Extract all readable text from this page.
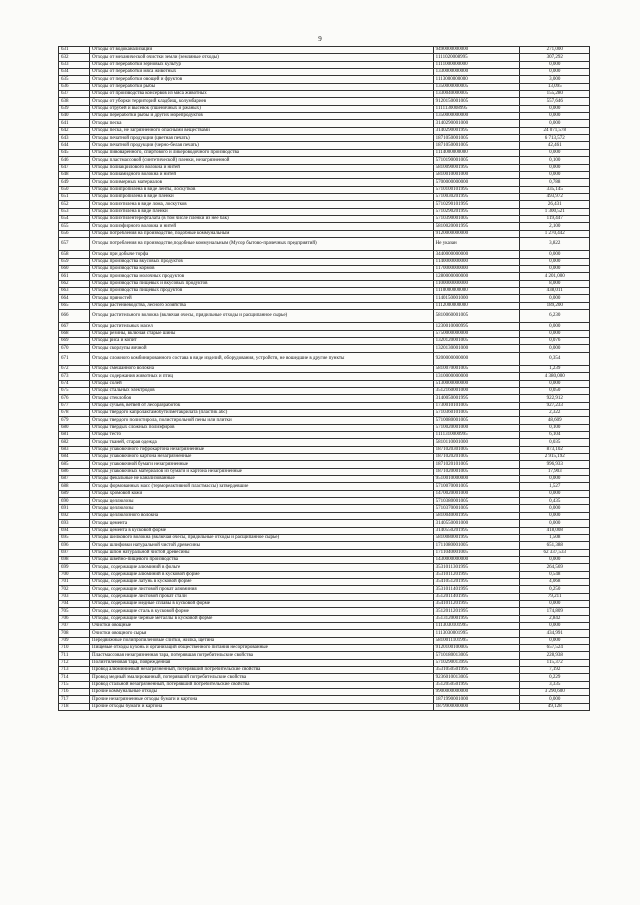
9
631	Отходы от водоканализации	9490000000000	271,000
632	Отходы от механической очистки земли (земляные отходы)	1111020008995	307,292
633	Отходы от переработки зерновых культур	1111000000000	0,000
634	Отходы от переработки мяса животных	1330000000000	0,000
635	Отходы от переработки овощей и фруктов	1113000000000	3,000
636	Отходы от переработки рыбы	1350000000005	13,095
637	Отходы от производства консервов из мяса животных	1330040000005	155,280
638	Отходы от уборки территорий кладбищ, колумбариев	9120150001005	557,646
639	Отходы отрубей и высевок (пшеничных и ржаных)	1111130008995	0,000
640	Отходы переработки рыбы и других морепродуктов	1350000000000	0,000
641	Отходы песка	3140290001000	0,000
642	Отходы песка, не загрязненного опасными веществами	3140290001995	24 071,578
643	Отходы печатной продукции (цветная печать)	1871050001005	6 713,572
644	Отходы печатной продукции (черно-белая печать)	1871050001005	42,461
645	Отходы пивоваренного, спиртового и ликероводочного производства	1114000000000	0,000
646	Отходы пластмассовой (синтетической) пленки, незагрязненной	5710190001005	0,100
647	Отходы полиакрилового волокна и нитей	5810090001995	0,000
648	Отходы полиамидного волокна и нитей	5810010001000	0,000
649	Отходы полимерных материалов	5700000000000	0,788
650	Отходы полипропилена в виде ленты, лоскутков	5710100101995	335,145
651	Отходы полипропилена в виде пленки	5710030201995	493,972
652	Отходы полиэтилена в виде лома, лоскутков	5710290101995	26,431
653	Отходы полиэтилена в виде пленки	5710290201995	1 300,521
654	Отходы полиэтилентерефталата (в том числе пленки из нее бак)	5710390001005	119,447
655	Отходы полиэфирного волокна и нитей	5810020001995	2,100
656	Отходы потребления на производстве, подобные коммунальным	9120000000000	1 270,442
657	Отходы потребления на производстве,подобные коммунальным (Мусор бытово-прачечных предприятий)	Не указан	3,822
658	Отходы при добыче торфа	3440000000000	0,000
659	Отходы производства вкусовых продуктов	1140000000000	0,000
660	Отходы производства кормов	1170000000000	0,000
661	Отходы производства молочных продуктов	1280000000000	4 201,000
662	Отходы производства пищевых и вкусовых продуктов	1100000000000	8,000
663	Отходы производства пищевых продуктов	1110000000000	438,011
664	Отходы пряностей	1140150001000	0,000
665	Отходы растениеводства, лесного хозяйства	1112000000000	189,200
666	Отходы растительного волокна (включая очесы, прядильные отходы и расщипанное сырье)	5810060001005	6,230
667	Отходы растительных масел	1230010000995	0,000
668	Отходы резины, включая старые шины	5750000000000	0,000
669	Отходы риса и копит	1320120001005	0,076
670	Отходы скорлупы яичной	1320130001000	0,000
671	Отходы сложного комбинированного состава в виде изделий, оборудования, устройств, не вошедшие в другие пункты	9200000000000	0,354
672	Отходы смешанного волокна	5810070001005	1,239
673	Отходы содержания животных и птиц	1310000000000	4 380,000
674	Отходы солей	5130000000000	0,000
675	Отходы стальных электродов	3512160001000	0,050
676	Отходы стеклобоя	3140050001995	922,912
677	Отходы сучьев, ветвей от лесоразработок	1730010101005	927,233
678	Отходы твердого капролактамобутилметакрилата (пластик абс)	5710360101005	2,322
679	Отходы твердого полистирола, полистирольной пены или плитки	5710080001005	48,609
680	Отходы твердых сложных полиэфиров	5710020001000	0,100
681	Отходы тесто	1111310000995	6,104
682	Отходы тканей, старая одежда	5810110001000	0,035
683	Отходы упаковочного гофрокартона незагрязненные	1871020301005	873,102
684	Отходы упаковочного картона незагрязненные	1871020201005	2 915,192
685	Отходы упаковочной бумаги незагрязненные	1871020101005	996,933
686	Отходы упаковочных материалов из бумаги и картона незагрязненные	1871020001005	17,903
687	Отходы фекальные не канализованные	9510010000000	0,000
688	Отходы формованных масс (термореактивной пластмассы) затвердевшие	5710070001005	1,527
689	Отходы хромовой кожи	1470020001000	0,000
690	Отходы целлюлозы	5710380001005	0,435
691	Отходы целлюлозы	5710370001005	0,000
692	Отходы целлюлозного волокна	5810040001995	0,000
693	Отходы цемента	3140550001000	0,000
694	Отходы цемента в кусковой форме	3140550201995	418,008
695	Отходы шелкового волокна (включая очесы, прядильные отходы и расщипанное сырье)	5810080001995	1,508
696	Отходы шлифовки натуральной чистой древесины	1711080001005	651,388
697	Отходы шпон натуральной чистой древесины	1711040001005	62 337,533
698	Отходы швейно-пищевого производства	1430000000000	0,000
699	Отходы, содержащие алюминий в фольге	3531011301995	264,569
700	Отходы, содержащие алюминий в кусковой форме	3531011201995	0,548
701	Отходы, содержащие латунь в кусковой форме	3541051201995	4,068
702	Отходы, содержащие листовой прокат алюминия	3531011401995	0,250
703	Отходы, содержащие листовой прокат стали	3512011401995	79,211
704	Отходы, содержащие медные сплавы в кусковой форме	3541011201995	0,000
705	Отходы, содержащие сталь в кусковой форме	3512011201995	174,809
706	Отходы, содержащие черные металлы в кусковой форме	3513120001995	2,842
707	Очистки овощные	1113030101995	0,000
708	Очистки овощного сырья	1113030001995	434,991
709	Передвижные полипропиленовые слитки, жилка, щетина	5810011101995	0,000
710	Пищевые отходы кухонь и организаций общественного питания несортированные	9120100100005	657,524
711	Пластмассовая незагрязненная тара, потерявшая потребительские свойства	5710180013005	228,938
712	Полиэтиленовая тара, поврежденная	5710290013995	115,372
713	Провод алюминиевый незагрязненный, потерявший потребительские свойства	3531050501995	7,192
714	Провод медный эмалированный, потерявший потребительские свойства	9236010013005	0,229
715	Провод стальной незагрязненный, потерявший потребительские свойства	3512050501995	3,335
716	Прочие коммунальные отходы	9900000000000	3 290,600
717	Прочие незагрязненные отходы бумаги и картона	1871990001000	0,000
718	Прочие отходы бумаги и картона	1879900000000	49,128
